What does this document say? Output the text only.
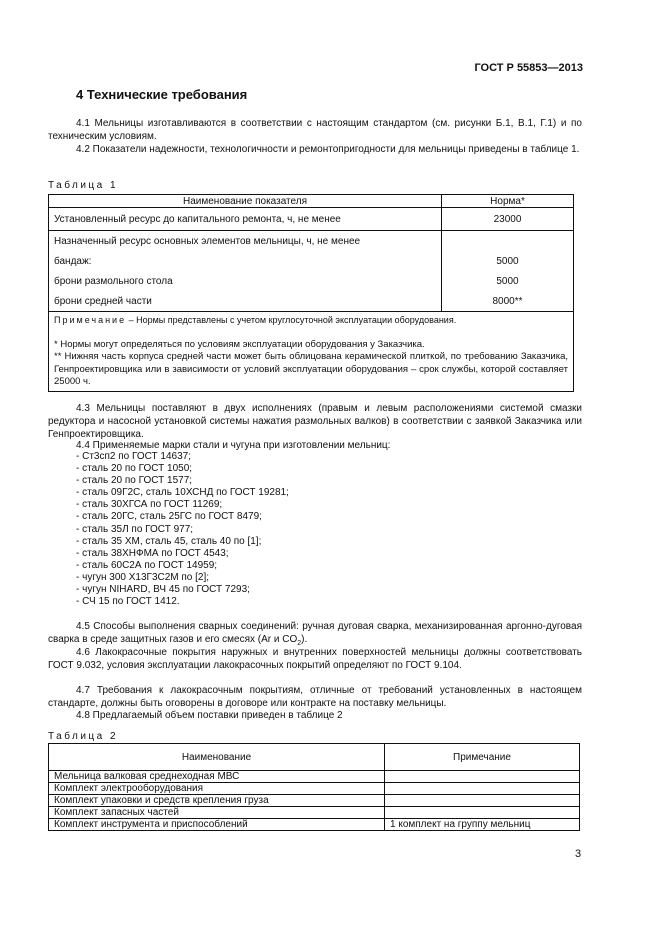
ГОСТ Р 55853—2013
4 Технические требования

4.1 Мельницы изготавливаются в соответствии с настоящим стандартом (см. рисунки Б.1, В.1, Г.1) и по техническим условиям.

4.2 Показатели надежности, технологичности и ремонтопригодности для мельницы приведены в таблице 1.

Таблица 1
Наименование показателя	Норма*
Установленный ресурс до капитального ремонта, ч, не менее	23000
Назначенный ресурс основных элементов мельницы, ч, не менее	
бандаж:	5000
брони размольного стола	5000
брони средней части	8000**

Примечание – Нормы представлены с учетом круглосуточной эксплуатации оборудования.
* Нормы могут определяться по условиям эксплуатации оборудования у Заказчика.
** Нижняя часть корпуса средней части может быть облицована керамической плиткой, по требованию Заказчика, Генпроектировщика или в зависимости от условий эксплуатации оборудования – срок службы, которой составляет 25000 ч.	

4.3 Мельницы поставляют в двух исполнениях (правым и левым расположениями системой смазки редуктора и насосной установкой системы нажатия размольных валков) в соответствии с заявкой Заказчика или Генпроектировщика.

4.4 Применяемые марки стали и чугуна при изготовлении мельниц:

- Ст3сп2 по ГОСТ 14637;
- сталь 20 по ГОСТ 1050;
- сталь 20 по ГОСТ 1577;
- сталь 09Г2С, сталь 10ХСНД по ГОСТ 19281;
- сталь 30ХГСА по ГОСТ 11269;
- сталь 20ГС, сталь 25ГС по ГОСТ 8479;
- сталь 35Л по ГОСТ 977;
- сталь 35 ХМ, сталь 45, сталь 40 по [1];
- сталь 38ХНФМА по ГОСТ 4543;
- сталь 60С2А по ГОСТ 14959;
- чугун 300 Х13Г3С2М по [2];
- чугун NIHARD, ВЧ 45 по ГОСТ 7293;
- СЧ 15 по ГОСТ 1412.

4.5 Способы выполнения сварных соединений: ручная дуговая сварка, механизированная аргонно-дуговая сварка в среде защитных газов и его смесях (Ar и $CO_2$).

4.6 Лакокрасочные покрытия наружных и внутренних поверхностей мельницы должны соответствовать ГОСТ 9.032, условия эксплуатации лакокрасочных покрытий определяют по ГОСТ 9.104.

4.7 Требования к лакокрасочным покрытиям, отличные от требований установленных в настоящем стандарте, должны быть оговорены в договоре или контракте на поставку мельницы.

4.8 Предлагаемый объем поставки приведен в таблице 2

Таблица 2
Наименование	Примечание
Мельница валковая среднеходная МВС	
Комплект электрооборудования	
Комплект упаковки и средств крепления груза	
Комплект запасных частей	
Комплект инструмента и приспособлений	1 комплект на группу мельниц
3
